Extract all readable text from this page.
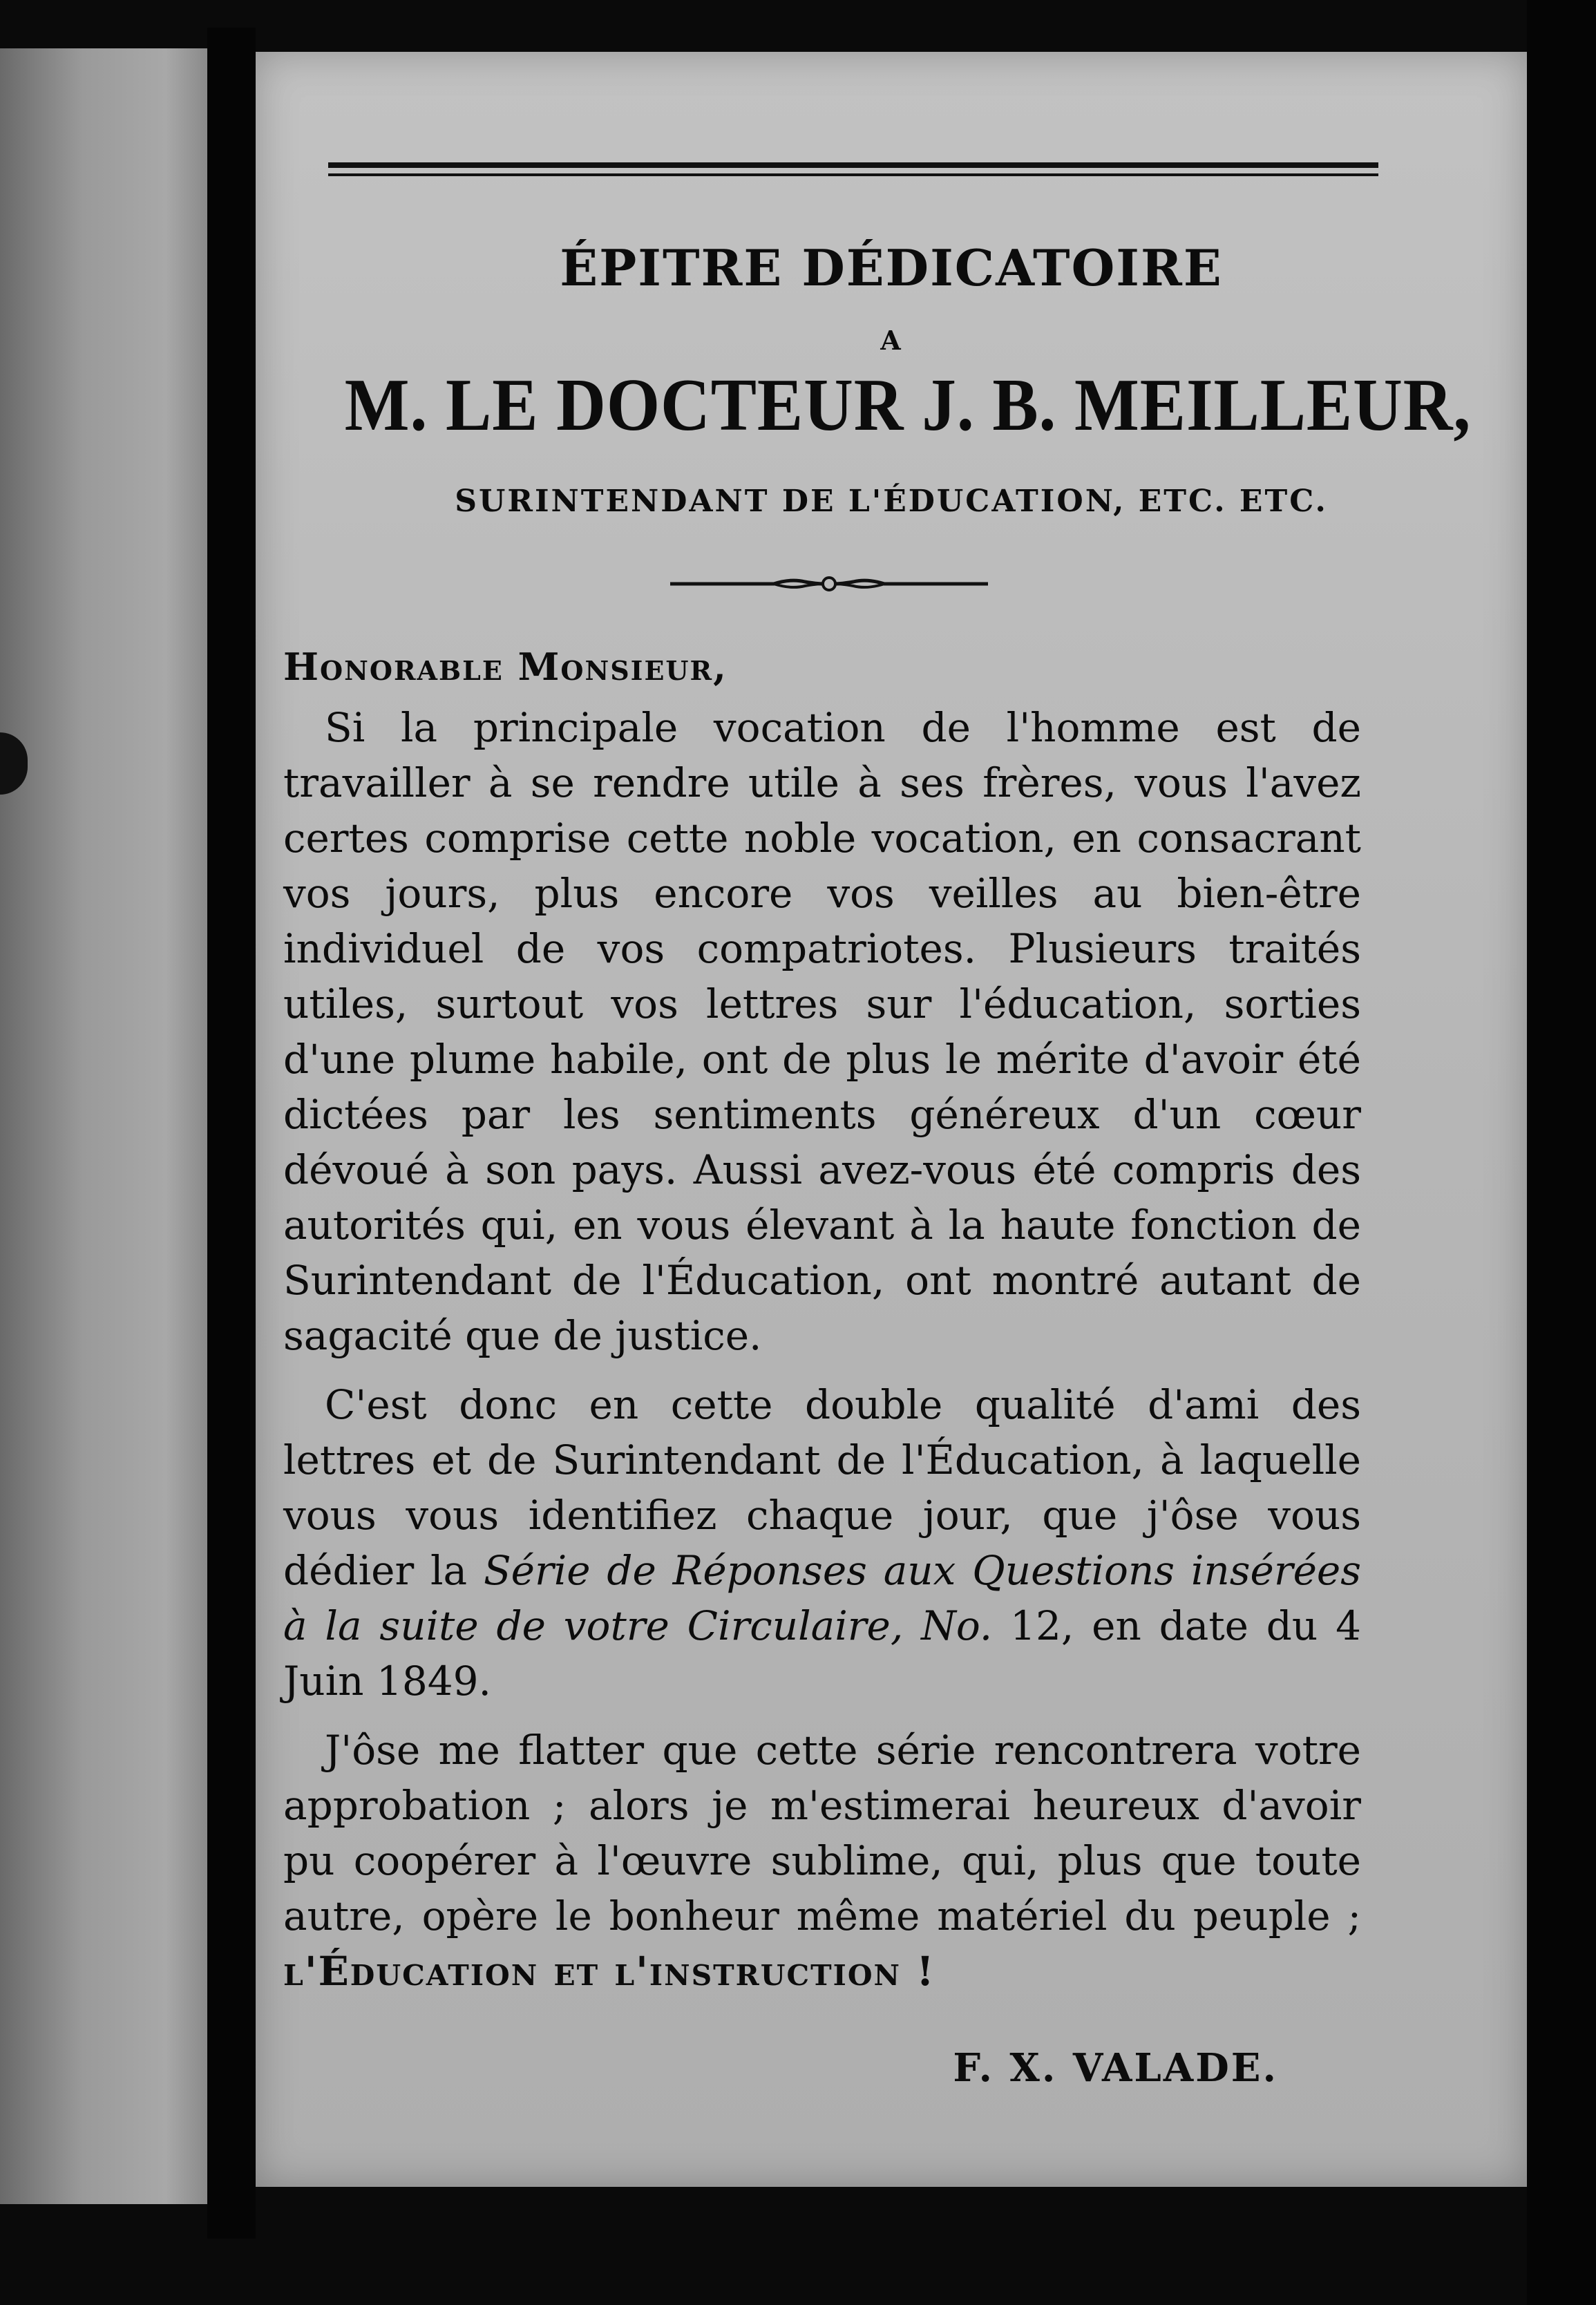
ÉPITRE DÉDICATOIRE
A
M. LE DOCTEUR J. B. MEILLEUR,
SURINTENDANT DE L'ÉDUCATION, ETC. ETC.
Honorable Monsieur,

Si la principale vocation de l'homme est de travailler à se rendre utile à ses frères, vous l'avez certes comprise cette noble vocation, en consacrant vos jours, plus encore vos veilles au bien-être individuel de vos compatriotes. Plusieurs traités utiles, surtout vos lettres sur l'éducation, sorties d'une plume habile, ont de plus le mérite d'avoir été dictées par les sentiments généreux d'un cœur dévoué à son pays. Aussi avez-vous été compris des autorités qui, en vous élevant à la haute fonction de Surintendant de l'Éducation, ont montré autant de sagacité que de justice.

C'est donc en cette double qualité d'ami des lettres et de Surintendant de l'Éducation, à laquelle vous vous identifiez chaque jour, que j'ôse vous dédier la Série de Réponses aux Questions insérées à la suite de votre Circulaire, No. 12, en date du 4 Juin 1849.

J'ôse me flatter que cette série rencontrera votre approbation ; alors je m'estimerai heureux d'avoir pu coopérer à l'œuvre sublime, qui, plus que toute autre, opère le bonheur même matériel du peuple ; l'Éducation et l'instruction !

F. X. VALADE.
